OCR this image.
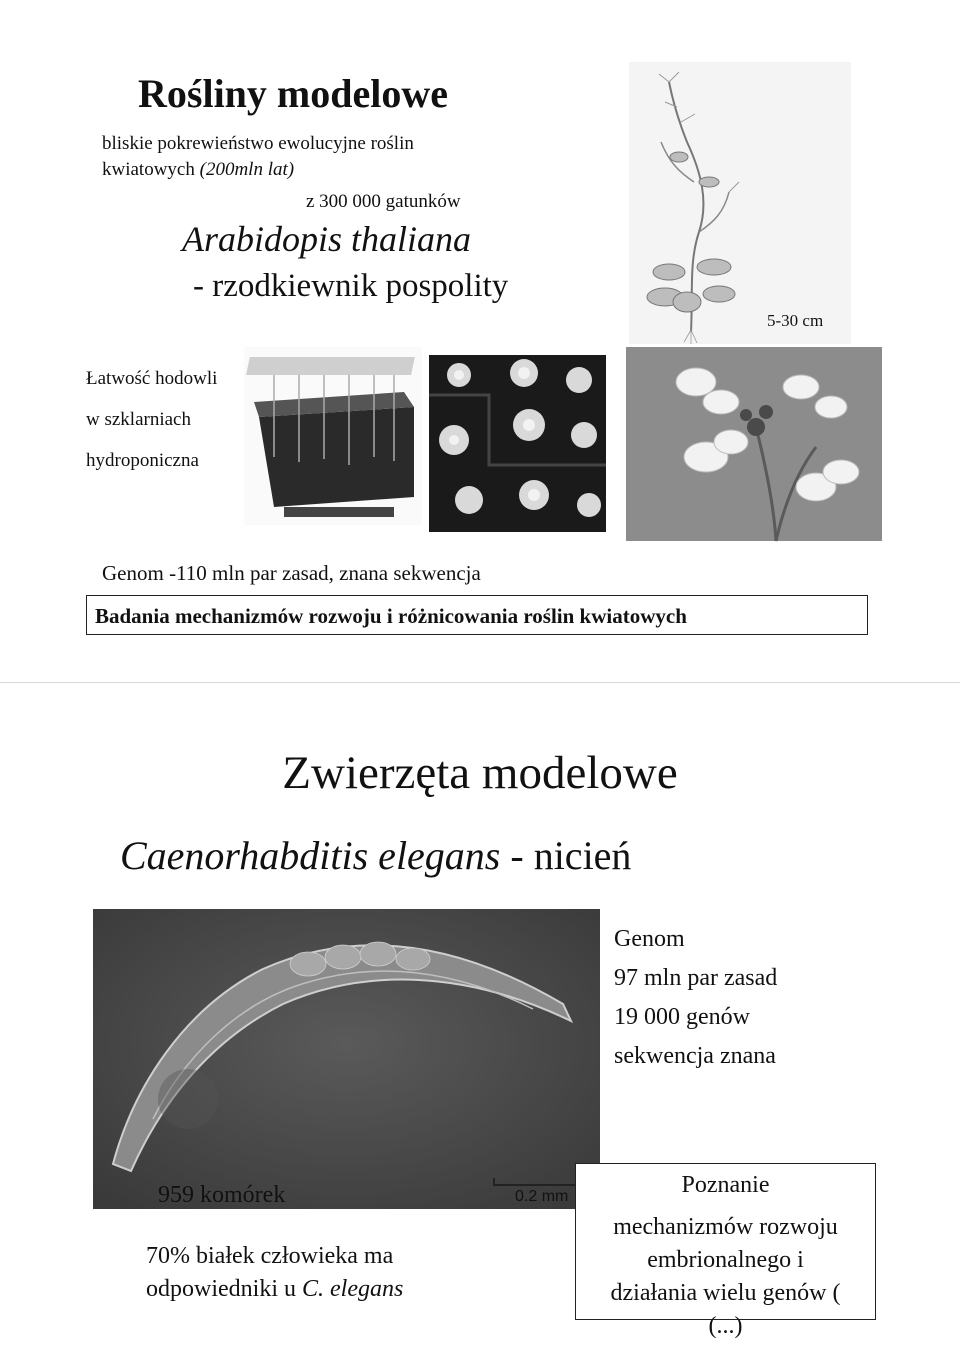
Rośliny modelowe
bliskie pokrewieństwo ewolucyjne roślin
kwiatowych (200mln lat)
z 300 000 gatunków
Arabidopis thaliana
- rzodkiewnik pospolity
5-30 cm
Łatwość hodowli
w szklarniach
hydroponiczna
Genom -110 mln par zasad, znana sekwencja
Badania mechanizmów rozwoju i różnicowania roślin kwiatowych
Zwierzęta modelowe
Caenorhabditis elegans - nicień
Genom
97 mln par zasad
19 000 genów
sekwencja znana
959 komórek
70% białek człowieka ma
odpowiedniki u C. elegans
0.2 mm	Poznanie
mechanizmów rozwoju
embrionalnego i
działania wielu genów (
(...)
